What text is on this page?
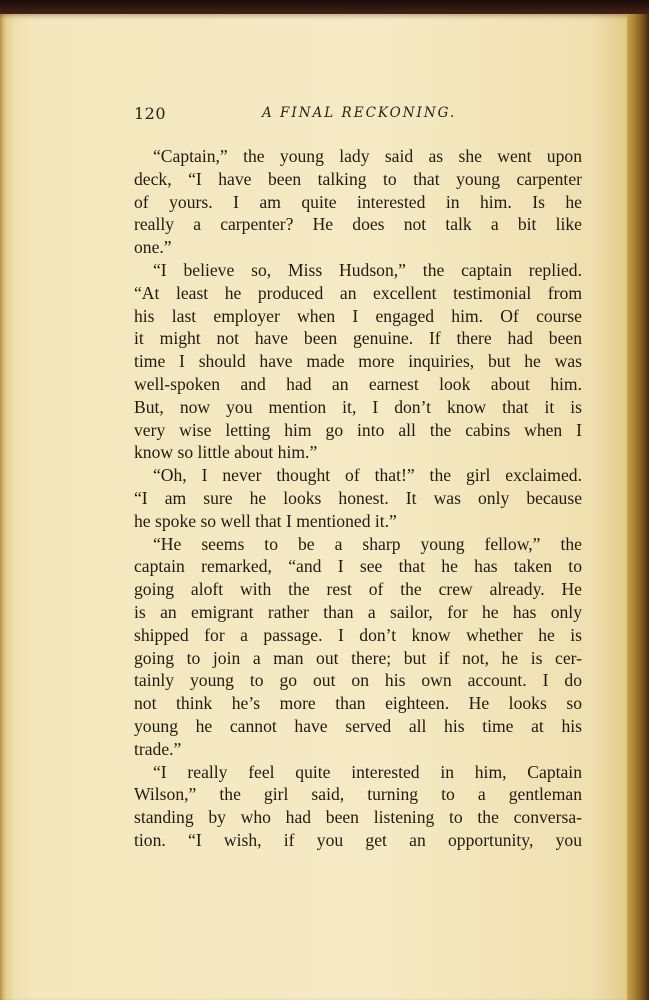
120	A FINAL RECKONING.
“Captain,” the young lady said as she went upon
deck, “I have been talking to that young carpenter
of yours. I am quite interested in him. Is he
really a carpenter? He does not talk a bit like
one.”
“I believe so, Miss Hudson,” the captain replied.
“At least he produced an excellent testimonial from
his last employer when I engaged him. Of course
it might not have been genuine. If there had been
time I should have made more inquiries, but he was
well-spoken and had an earnest look about him.
But, now you mention it, I don’t know that it is
very wise letting him go into all the cabins when I
know so little about him.”
“Oh, I never thought of that!” the girl exclaimed.
“I am sure he looks honest. It was only because
he spoke so well that I mentioned it.”
“He seems to be a sharp young fellow,” the
captain remarked, “and I see that he has taken to
going aloft with the rest of the crew already. He
is an emigrant rather than a sailor, for he has only
shipped for a passage. I don’t know whether he is
going to join a man out there; but if not, he is cer-
tainly young to go out on his own account. I do
not think he’s more than eighteen. He looks so
young he cannot have served all his time at his
trade.”
“I really feel quite interested in him, Captain
Wilson,” the girl said, turning to a gentleman
standing by who had been listening to the conversa-
tion. “I wish, if you get an opportunity, you
